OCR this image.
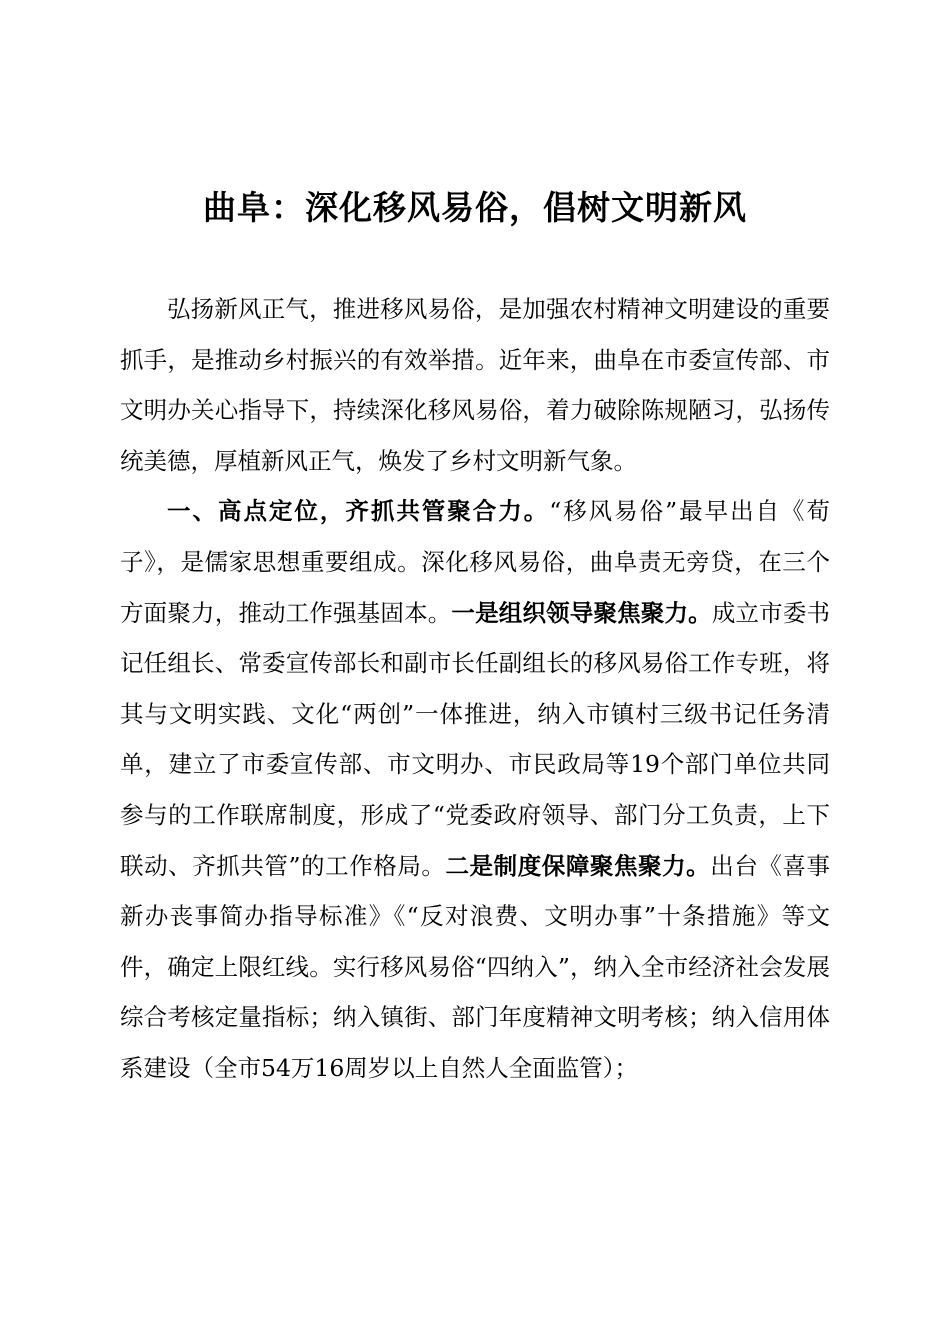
曲阜：深化移风易俗，倡树文明新风

弘扬新风正气，推进移风易俗，是加强农村精神文明建设的重要抓手，是推动乡村振兴的有效举措。近年来，曲阜在市委宣传部、市文明办关心指导下，持续深化移风易俗，着力破除陈规陋习，弘扬传统美德，厚植新风正气，焕发了乡村文明新气象。

一、高点定位，齐抓共管聚合力。“移风易俗”最早出自《荀子》，是儒家思想重要组成。深化移风易俗，曲阜责无旁贷，在三个方面聚力，推动工作强基固本。一是组织领导聚焦聚力。成立市委书记任组长、常委宣传部长和副市长任副组长的移风易俗工作专班，将其与文明实践、文化“两创”一体推进，纳入市镇村三级书记任务清单，建立了市委宣传部、市文明办、市民政局等19个部门单位共同参与的工作联席制度，形成了“党委政府领导、部门分工负责，上下联动、齐抓共管”的工作格局。二是制度保障聚焦聚力。出台《喜事新办丧事简办指导标准》《“反对浪费、文明办事”十条措施》等文件，确定上限红线。实行移风易俗“四纳入”，纳入全市经济社会发展综合考核定量指标；纳入镇街、部门年度精神文明考核；纳入信用体系建设（全市54万16周岁以上自然人全面监管）；
